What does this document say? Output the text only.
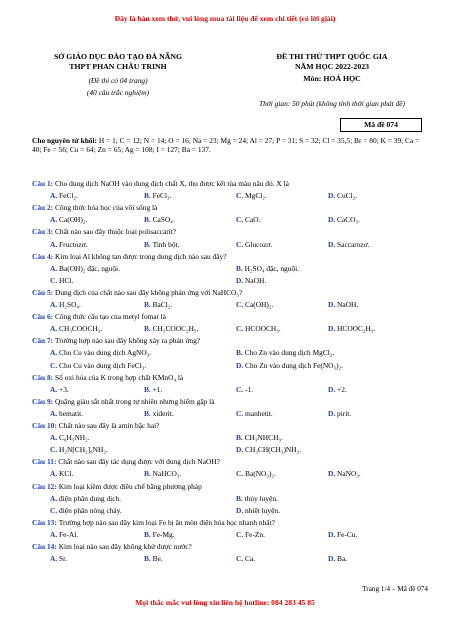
Đây là bản xem thử, vui lòng mua tài liệu để xem chi tiết (có lời giải)
SỞ GIÁO DỤC ĐÀO TẠO ĐÀ NẴNG
THPT PHAN CHÂU TRINH
(Đề thi có 04 trang)
(40 câu trắc nghiệm)
ĐỀ THI THỬ THPT QUỐC GIA
NĂM HỌC 2022-2023
Môn: HOÁ HỌC
Thời gian: 50 phút (không tính thời gian phát đề)
Mã đề 074
Cho nguyên tử khối: H = 1; C = 12; N = 14; O = 16; Na = 23; Mg = 24; Al = 27; P = 31; S = 32; Cl = 35,5; Br = 80; K = 39; Ca = 40; Fe = 56; Cu = 64; Zn = 65; Ag = 108; I = 127; Ba = 137.
Câu 1: Cho dung dịch NaOH vào dung dịch chất X, thu được kết tủa màu nâu đỏ. X là
A. FeCl₂.	B. FeCl₃.	C. MgCl₂.	D. CuCl₂.
Câu 2: Công thức hóa học của vôi sống là
A. Ca(OH)₂.	B. CaSO₄.	C. CaO.	D. CaCO₃.
Câu 3: Chất nào sau đây thuộc loại polisaccarit?
A. Fructozơ.	B. Tinh bột.	C. Glucozơ.	D. Saccarozơ.
Câu 4: Kim loại Al không tan được trong dung dịch nào sau đây?
A. Ba(OH)₂ đặc, nguội.	B. H₂SO₄ đặc, nguội.
C. HCl.	D. NaOH.
Câu 5: Dung dịch của chất nào sau đây không phản ứng với NaHCO₃?
A. H₂SO₄.	B. BaCl₂.	C. Ca(OH)₂.	D. NaOH.
Câu 6: Công thức cấu tạo của metyl fomat là
A. CH₃COOCH₃.	B. CH₃COOC₂H₅.	C. HCOOCH₃.	D. HCOOC₂H₅.
Câu 7: Trường hợp nào sau đây không xảy ra phản ứng?
A. Cho Cu vào dung dịch AgNO₃.	B. Cho Zn vào dung dịch MgCl₂.
C. Cho Cu vào dung dịch FeCl₃.	D. Cho Zn vào dung dịch Fe(NO₃)₂.
Câu 8: Số oxi hóa của K trong hợp chất KMnO₄ là
A. +3.	B. +1.	C. -1.	D. +2.
Câu 9: Quặng giàu sắt nhất trong tự nhiên nhưng hiếm gặp là
A. hematit.	B. xiderit.	C. manhetit.	D. pirit.
Câu 10: Chất nào sau đây là amin bậc hai?
A. C₆H₅NH₂.	B. CH₃NHCH₃.
C. H₂N[CH₂]₆NH₂.	D. CH₃CH(CH₃)NH₂.
Câu 11: Chất nào sau đây tác dụng được với dung dịch NaOH?
A. KCl.	B. NaHCO₃.	C. Ba(NO₃)₂.	D. NaNO₃.
Câu 12: Kim loại kiềm được điều chế bằng phương pháp
A. điện phân dung dịch.	B. thủy luyện.
C. điện phân nóng chảy.	D. nhiệt luyện.
Câu 13: Trường hợp nào sau đây kim loại Fe bị ăn mòn điện hóa học nhanh nhất?
A. Fe-Al.	B. Fe-Mg.	C. Fe-Zn.	D. Fe-Cu.
Câu 14: Kim loại nào sau đây không khử được nước?
A. Sr.	B. Be.	C. Ca.	D. Ba.
Trang 1/4 – Mã đề 074
Mọi thắc mắc vui lòng xin liên hệ hotline: 084 283 45 85
